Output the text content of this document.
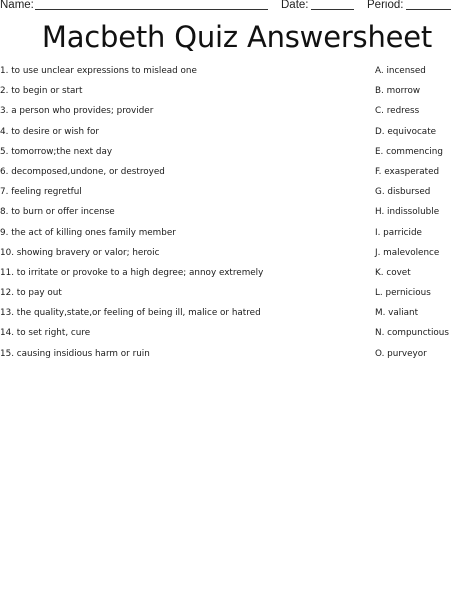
Name:	Date:	Period:
Macbeth Quiz Answersheet
1. to use unclear expressions to mislead one
2. to begin or start
3. a person who provides; provider
4. to desire or wish for
5. tomorrow;the next day
6. decomposed,undone, or destroyed
7. feeling regretful
8. to burn or offer incense
9. the act of killing ones family member
10. showing bravery or valor; heroic
11. to irritate or provoke to a high degree; annoy extremely
12. to pay out
13. the quality,state,or feeling of being ill, malice or hatred
14. to set right, cure
15. causing insidious harm or ruin
A. incensed
B. morrow
C. redress
D. equivocate
E. commencing
F. exasperated
G. disbursed
H. indissoluble
I. parricide
J. malevolence
K. covet
L. pernicious
M. valiant
N. compunctious
O. purveyor
